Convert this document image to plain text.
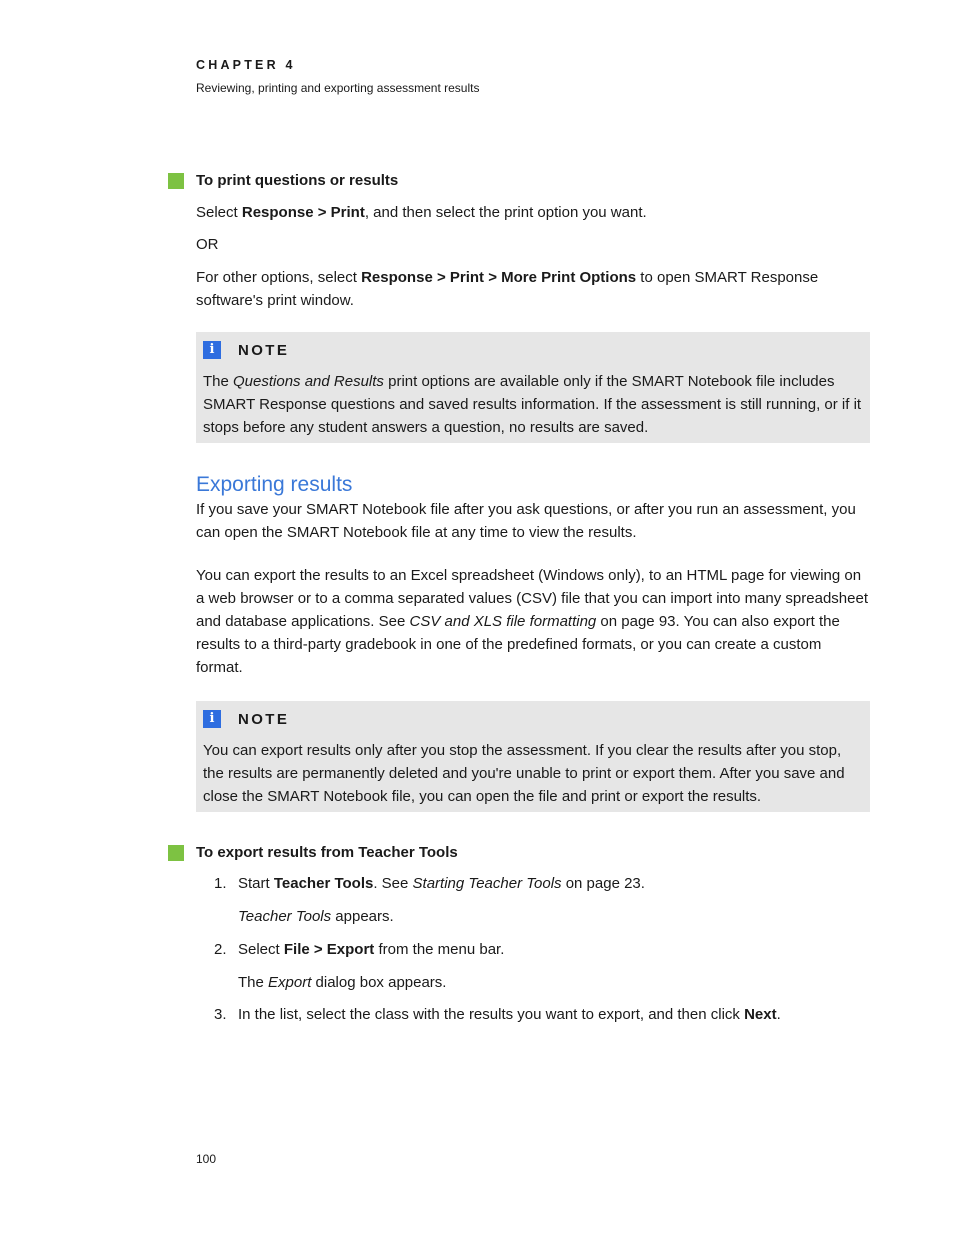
CHAPTER 4
Reviewing, printing and exporting assessment results
To print questions or results

Select Response > Print, and then select the print option you want.

OR

For other options, select Response > Print > More Print Options to open SMART Response software's print window.

i	NOTE

The Questions and Results print options are available only if the SMART Notebook file includes SMART Response questions and saved results information. If the assessment is still running, or if it stops before any student answers a question, no results are saved.

Exporting results

If you save your SMART Notebook file after you ask questions, or after you run an assessment, you can open the SMART Notebook file at any time to view the results.

You can export the results to an Excel spreadsheet (Windows only), to an HTML page for viewing on a web browser or to a comma separated values (CSV) file that you can import into many spreadsheet and database applications. See CSV and XLS file formatting on page 93. You can also export the results to a third-party gradebook in one of the predefined formats, or you can create a custom format.

i	NOTE

You can export results only after you stop the assessment. If you clear the results after you stop, the results are permanently deleted and you're unable to print or export them. After you save and close the SMART Notebook file, you can open the file and print or export the results.

To export results from Teacher Tools
1. Start Teacher Tools. See Starting Teacher Tools on page 23.

Teacher Tools appears.

2. Select File > Export from the menu bar.

The Export dialog box appears.

3. In the list, select the class with the results you want to export, and then click Next.

100
